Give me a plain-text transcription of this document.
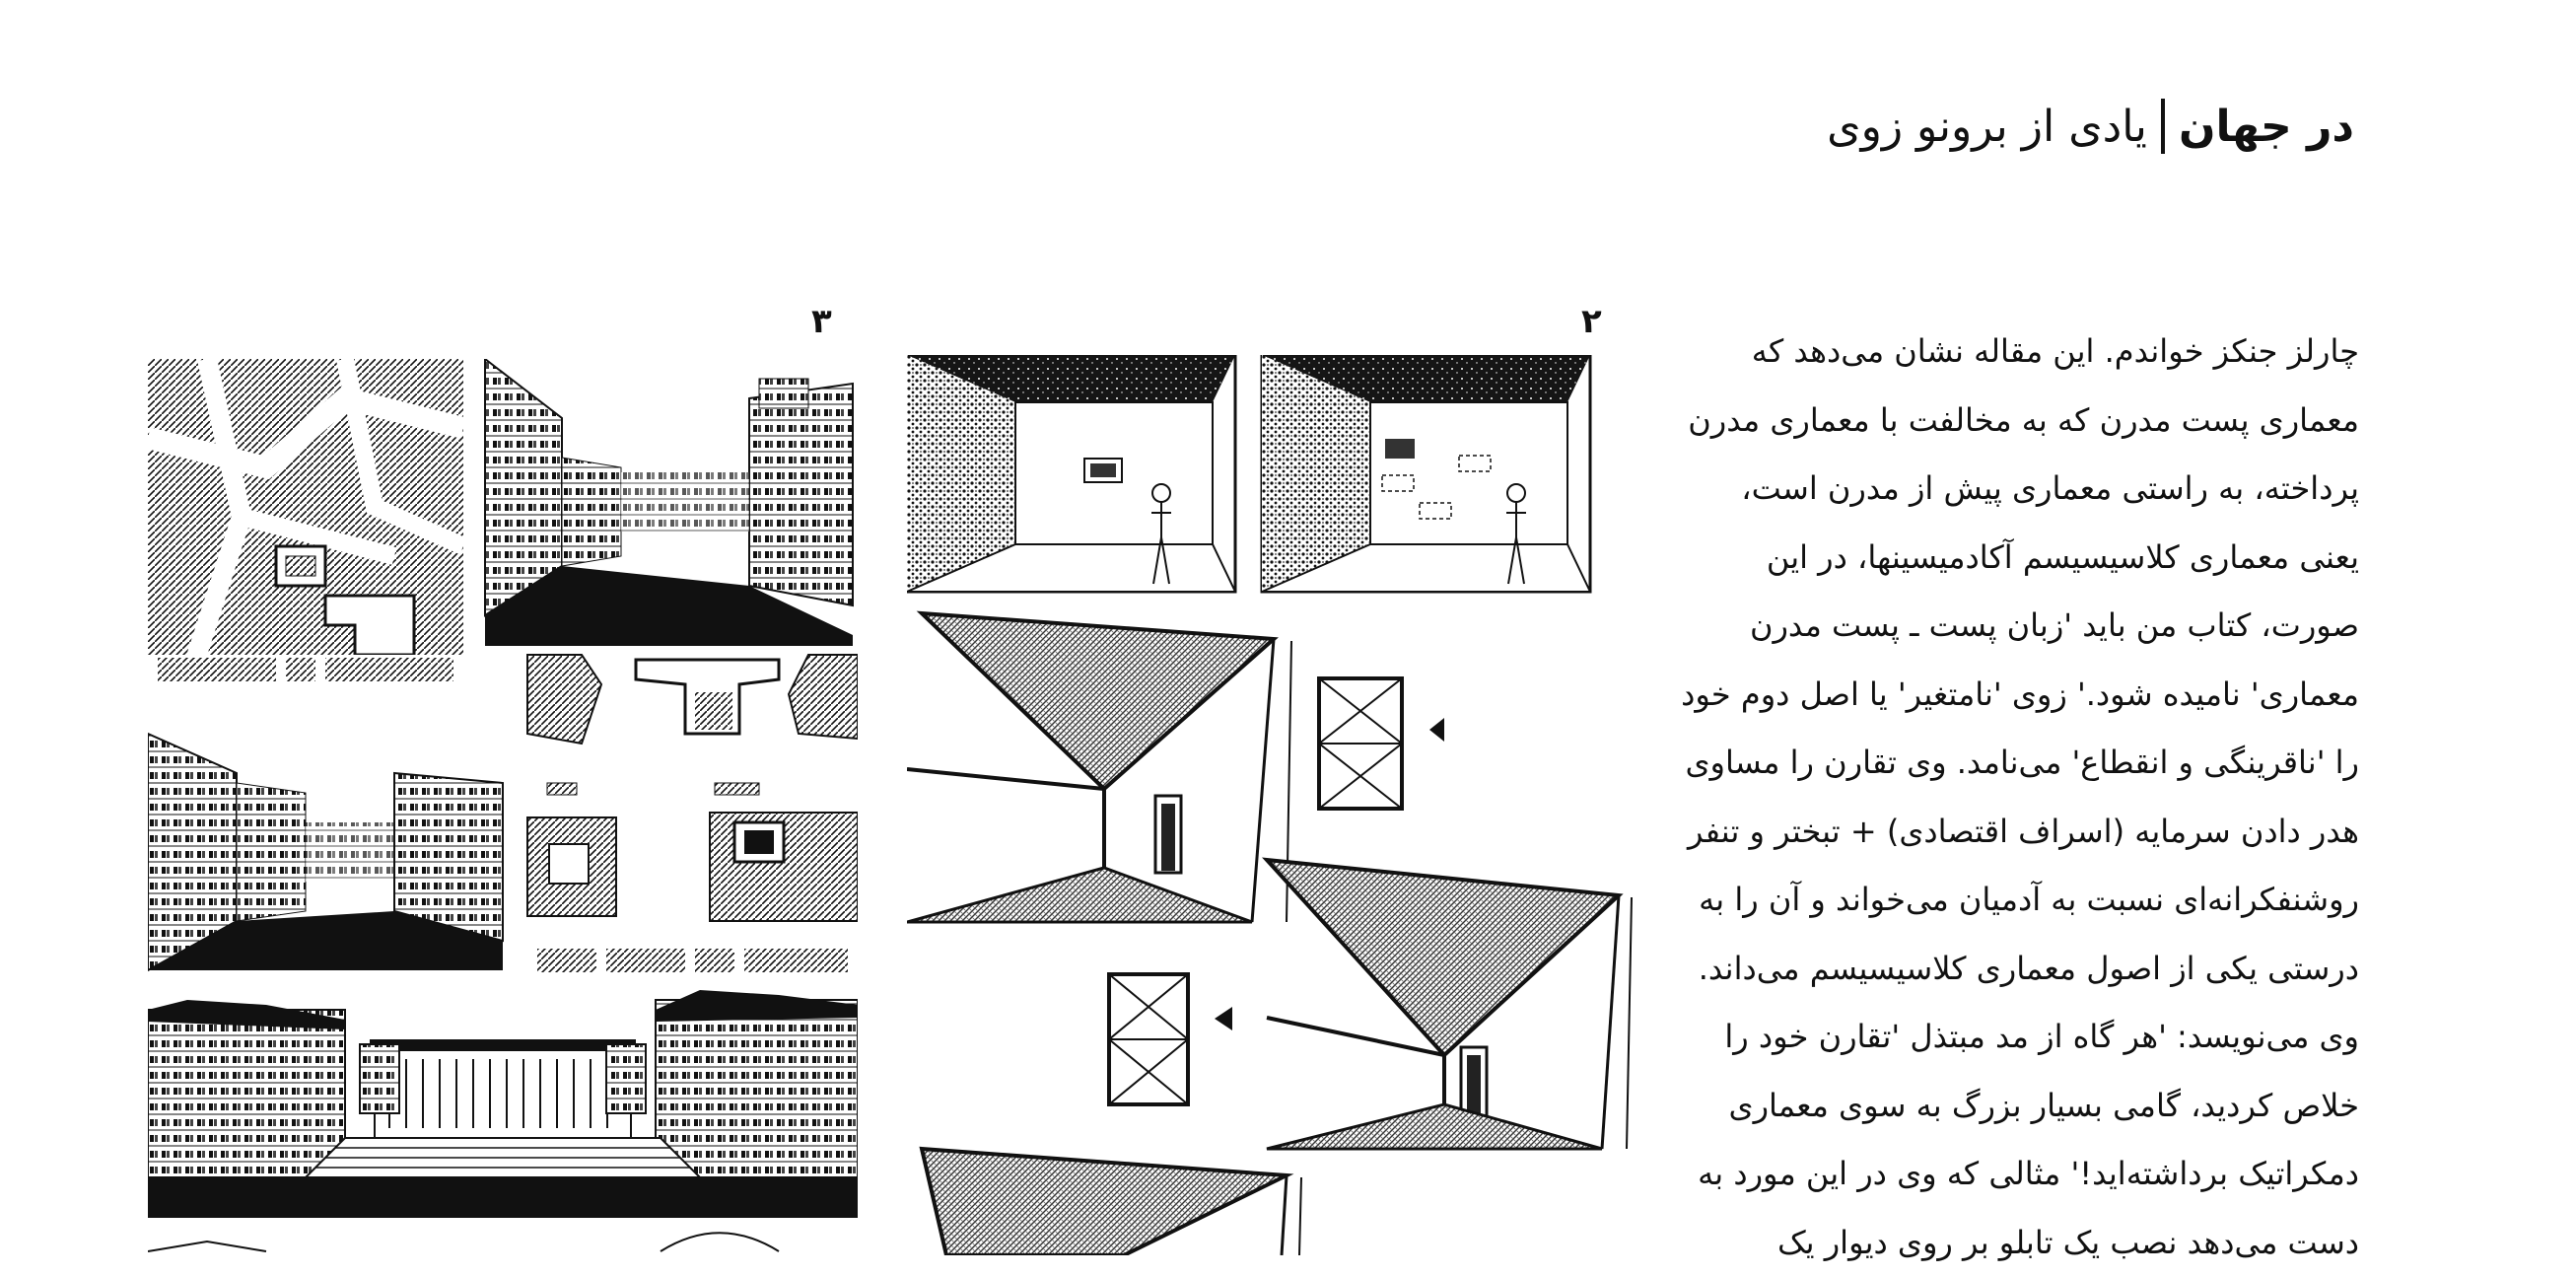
در جهان
یادی از برونو زوی
چارلز جنکز خواندم. این مقاله نشان می‌دهد که
معماری پست مدرن که به مخالفت با معماری مدرن
پرداخته، به راستی معماری پیش از مدرن است،
یعنی معماری کلاسیسیسم آکادمیسینها، در این
صورت، کتاب من باید 'زبان پست ـ پست مدرن
معماری' نامیده شود.' زوی 'نامتغیر' یا اصل دوم خود
را 'ناقرینگی و انقطاع' می‌نامد. وی تقارن را مساوی
هدر دادن سرمایه (اسراف اقتصادی) + تبختر و تنفر
روشنفکرانه‌ای نسبت به آدمیان می‌خواند و آن را به
درستی یکی از اصول معماری کلاسیسیسم می‌داند.
وی می‌نویسد: 'هر گاه از مد مبتذل 'تقارن خود را
خلاص کردید، گامی بسیار بزرگ به سوی معماری
دمکراتیک برداشته‌اید!' مثالی که وی در این مورد به
دست می‌دهد نصب یک تابلو بر روی دیوار یک
۲
۳
